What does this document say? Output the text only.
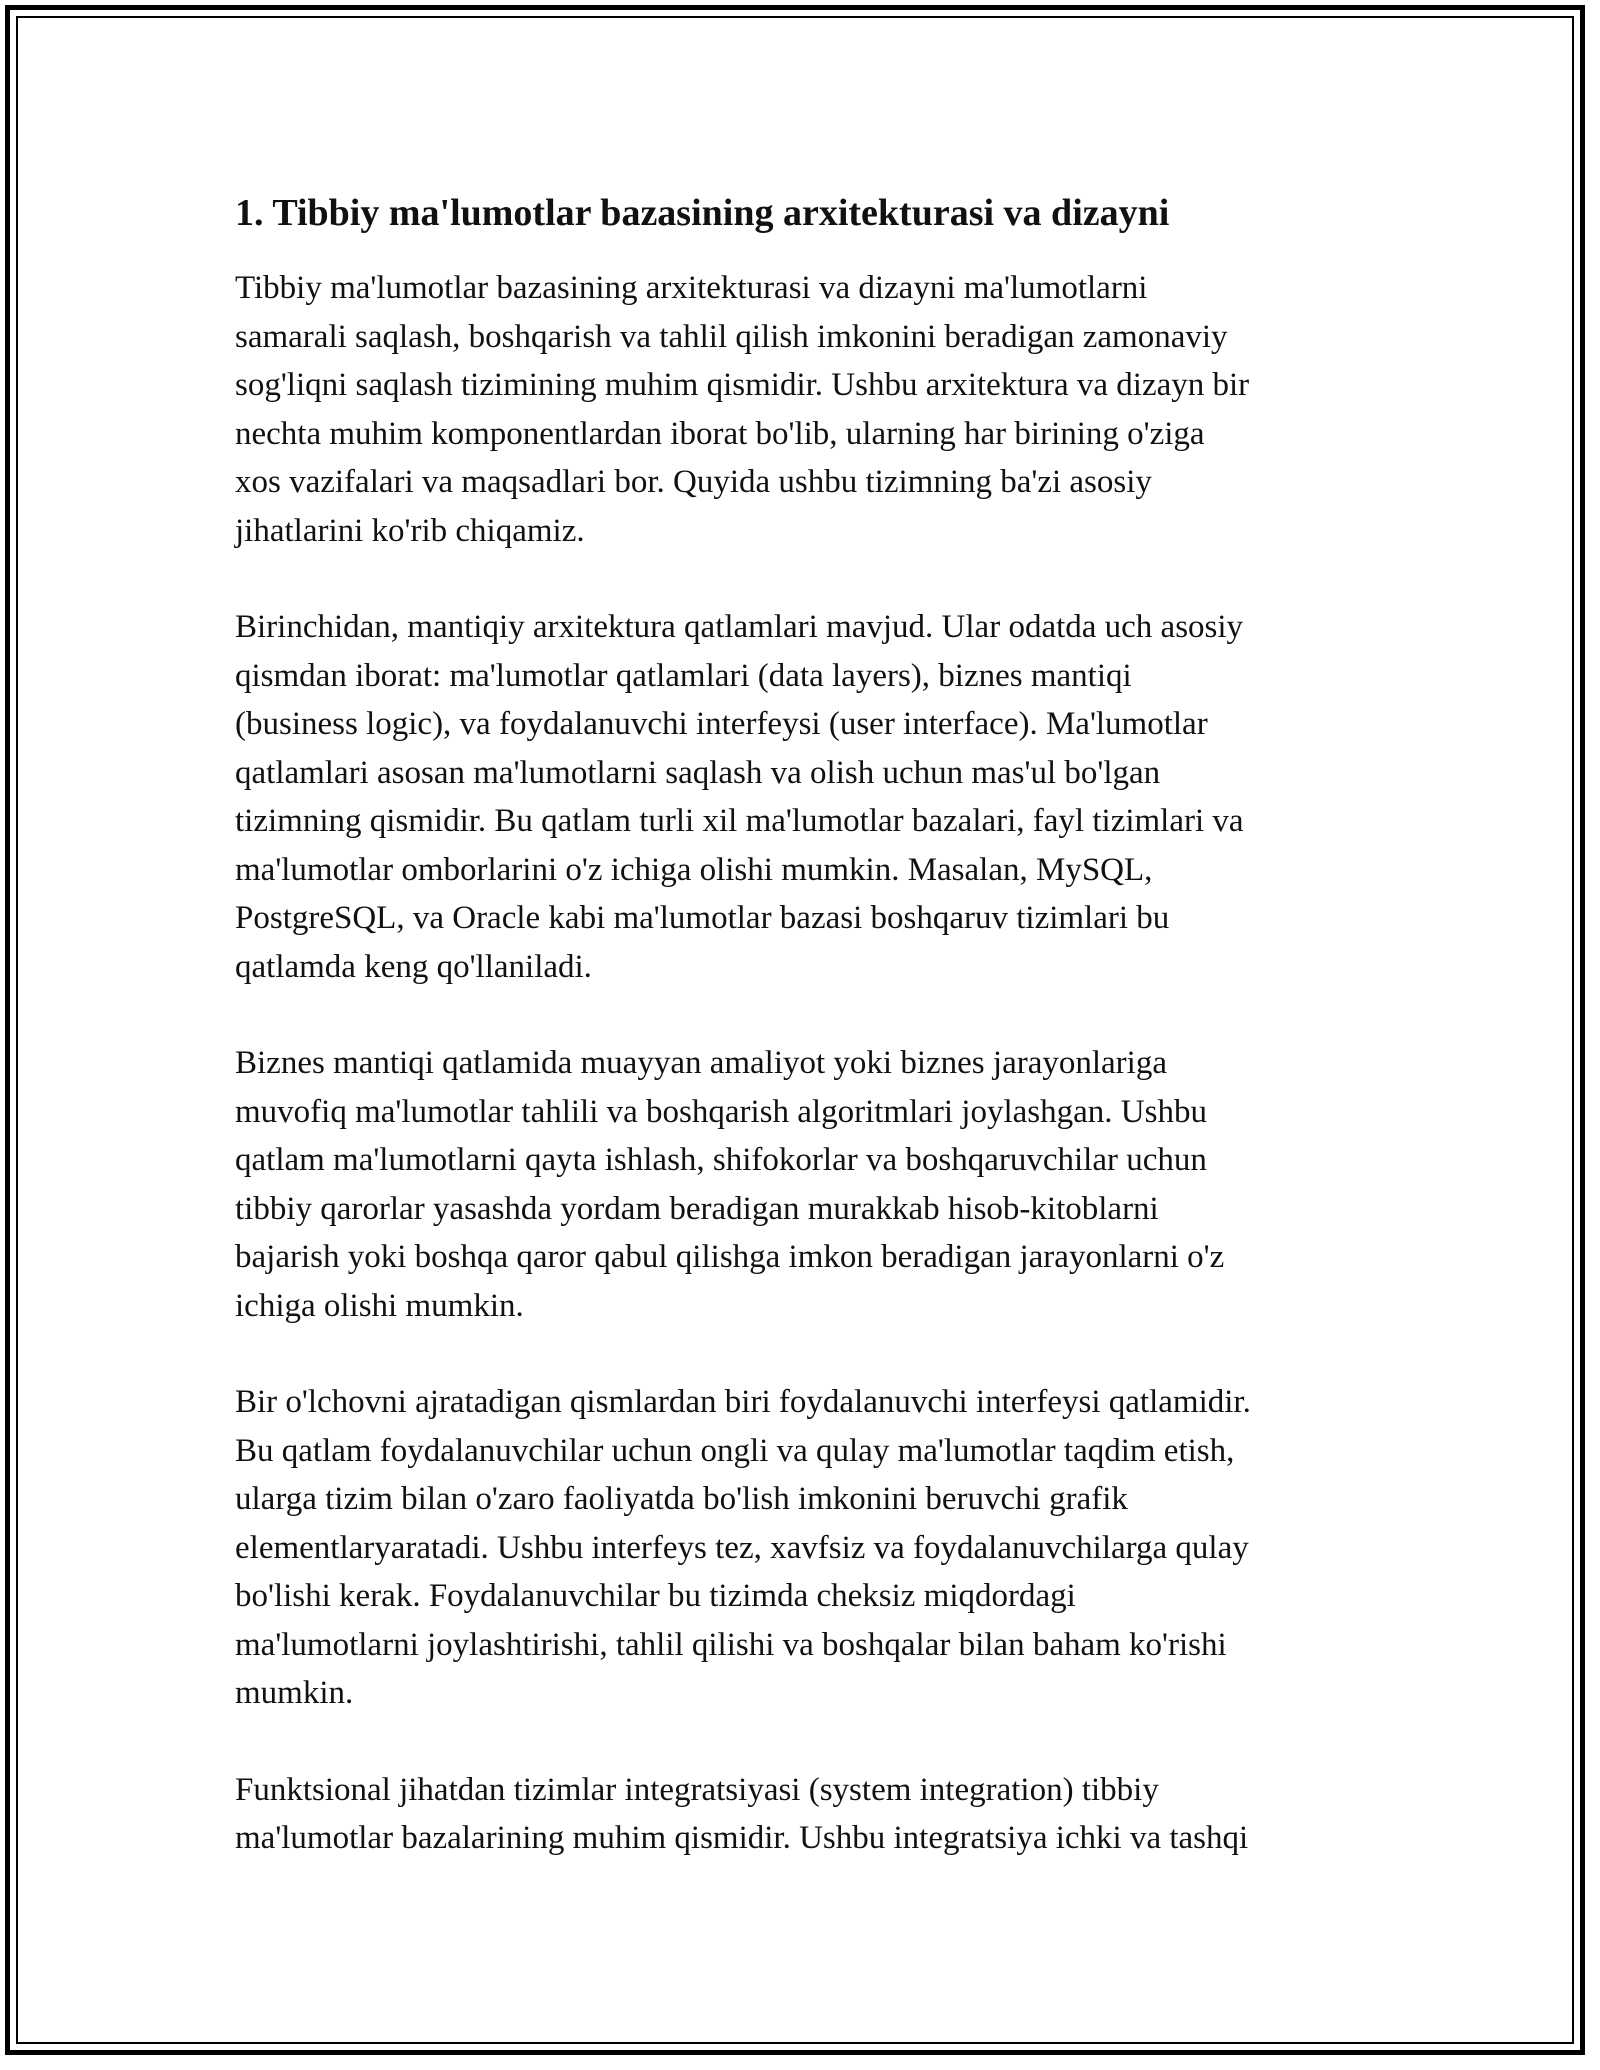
1. Tibbiy ma'lumotlar bazasining arxitekturasi va dizayni

Tibbiy ma'lumotlar bazasining arxitekturasi va dizayni ma'lumotlarni
samarali saqlash, boshqarish va tahlil qilish imkonini beradigan zamonaviy
sog'liqni saqlash tizimining muhim qismidir. Ushbu arxitektura va dizayn bir
nechta muhim komponentlardan iborat bo'lib, ularning har birining o'ziga
xos vazifalari va maqsadlari bor. Quyida ushbu tizimning ba'zi asosiy
jihatlarini ko'rib chiqamiz.

Birinchidan, mantiqiy arxitektura qatlamlari mavjud. Ular odatda uch asosiy
qismdan iborat: ma'lumotlar qatlamlari (data layers), biznes mantiqi
(business logic), va foydalanuvchi interfeysi (user interface). Ma'lumotlar
qatlamlari asosan ma'lumotlarni saqlash va olish uchun mas'ul bo'lgan
tizimning qismidir. Bu qatlam turli xil ma'lumotlar bazalari, fayl tizimlari va
ma'lumotlar omborlarini o'z ichiga olishi mumkin. Masalan, MySQL,
PostgreSQL, va Oracle kabi ma'lumotlar bazasi boshqaruv tizimlari bu
qatlamda keng qo'llaniladi.

Biznes mantiqi qatlamida muayyan amaliyot yoki biznes jarayonlariga
muvofiq ma'lumotlar tahlili va boshqarish algoritmlari joylashgan. Ushbu
qatlam ma'lumotlarni qayta ishlash, shifokorlar va boshqaruvchilar uchun
tibbiy qarorlar yasashda yordam beradigan murakkab hisob-kitoblarni
bajarish yoki boshqa qaror qabul qilishga imkon beradigan jarayonlarni o'z
ichiga olishi mumkin.

Bir o'lchovni ajratadigan qismlardan biri foydalanuvchi interfeysi qatlamidir.
Bu qatlam foydalanuvchilar uchun ongli va qulay ma'lumotlar taqdim etish,
ularga tizim bilan o'zaro faoliyatda bo'lish imkonini beruvchi grafik
elementlaryaratadi. Ushbu interfeys tez, xavfsiz va foydalanuvchilarga qulay
bo'lishi kerak. Foydalanuvchilar bu tizimda cheksiz miqdordagi
ma'lumotlarni joylashtirishi, tahlil qilishi va boshqalar bilan baham ko'rishi
mumkin.

Funktsional jihatdan tizimlar integratsiyasi (system integration) tibbiy
ma'lumotlar bazalarining muhim qismidir. Ushbu integratsiya ichki va tashqi
